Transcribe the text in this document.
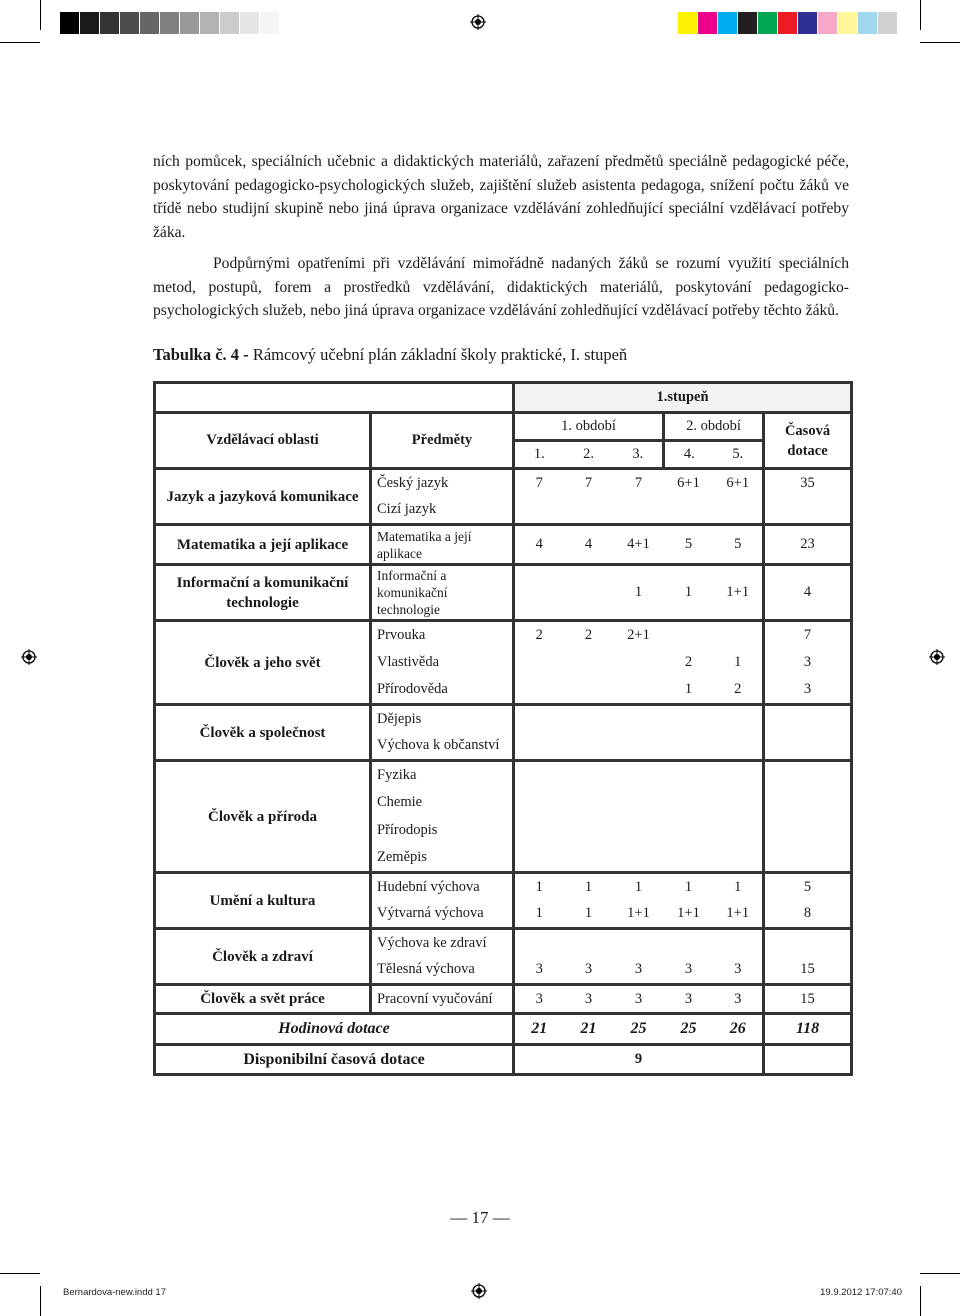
ních pomůcek, speciálních učebnic a didaktických materiálů, zařazení předmětů speciálně pedagogické péče, poskytování pedagogicko-psychologických služeb, zajištění služeb asistenta pedagoga, snížení počtu žáků ve třídě nebo studijní skupině nebo jiná úprava organizace vzdělávání zohledňující speciální vzdělávací potřeby žáka.

Podpůrnými opatřeními při vzdělávání mimořádně nadaných žáků se rozumí využití speciálních metod, postupů, forem a prostředků vzdělávání, didaktických materiálů, poskytování pedagogicko-psychologických služeb, nebo jiná úprava organizace vzdělávání zohledňující vzdělávací potřeby těchto žáků.

Tabulka č. 4 - Rámcový učební plán základní školy praktické, I. stupeň
		1.stupeň					
Vzdělávací oblasti	Předměty	1. období			2. období		Časová dotace
		1.	2.	3.	4.	5.	
Jazyk a jazyková komunikace	Český jazyk	7	7	7	6+1	6+1	35
	Cizí jazyk						
Matematika a její aplikace	Matematika a její aplikace	4	4	4+1	5	5	23
Informační a komunikační technologie	Informační a komunikační technologie			1	1	1+1	4
Člověk a jeho svět	Prvouka	2	2	2+1			7
	Vlastivěda				2	1	3
	Přírodověda				1	2	3
Člověk a společnost	Dějepis						
	Výchova k občanství						
Člověk a příroda	Fyzika						
	Chemie						
	Přírodopis						
	Zeměpis						
Umění a kultura	Hudební výchova	1	1	1	1	1	5
	Výtvarná výchova	1	1	1+1	1+1	1+1	8
Člověk a zdraví	Výchova ke zdraví						
	Tělesná výchova	3	3	3	3	3	15
Člověk a svět práce	Pracovní vyučování	3	3	3	3	3	15
Hodinová dotace		21	21	25	25	26	118
Disponibilní časová dotace		9					
— 17 —
Bernardova-new.indd 17	19.9.2012 17:07:40
